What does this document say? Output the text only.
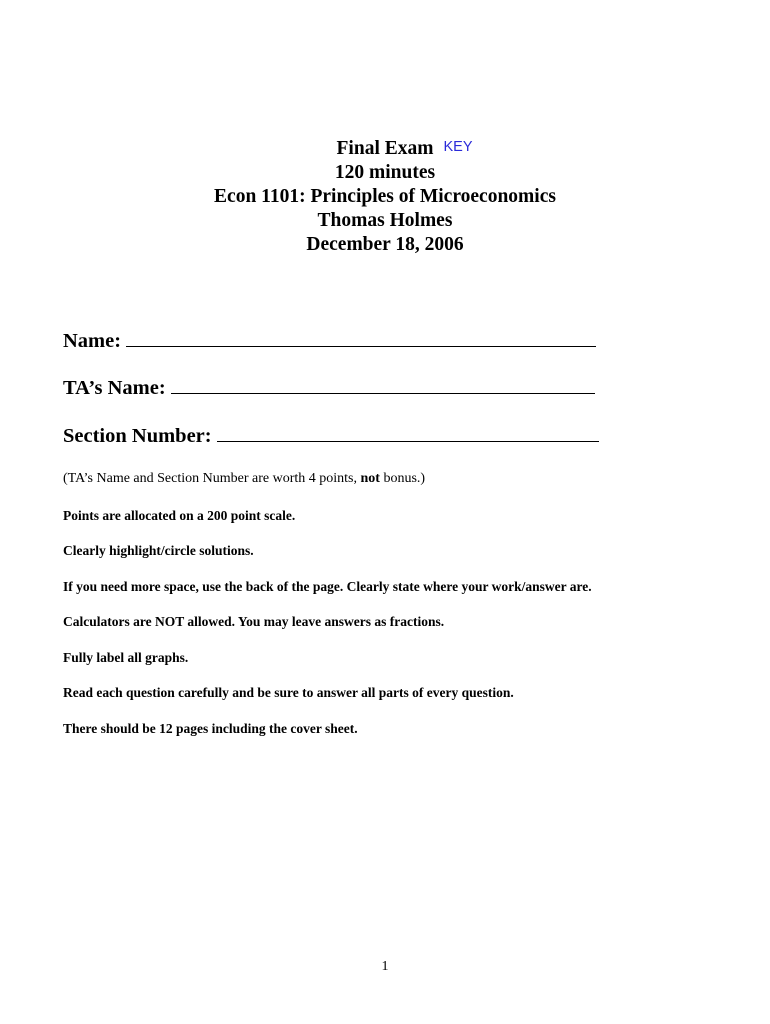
Final Exam KEY
120 minutes
Econ 1101: Principles of Microeconomics
Thomas Holmes
December 18, 2006
Name:
TA’s Name:
Section Number:
(TA’s Name and Section Number are worth 4 points, not bonus.)
Points are allocated on a 200 point scale.
Clearly highlight/circle solutions.
If you need more space, use the back of the page. Clearly state where your work/answer are.
Calculators are NOT allowed. You may leave answers as fractions.
Fully label all graphs.
Read each question carefully and be sure to answer all parts of every question.
There should be 12 pages including the cover sheet.
1
